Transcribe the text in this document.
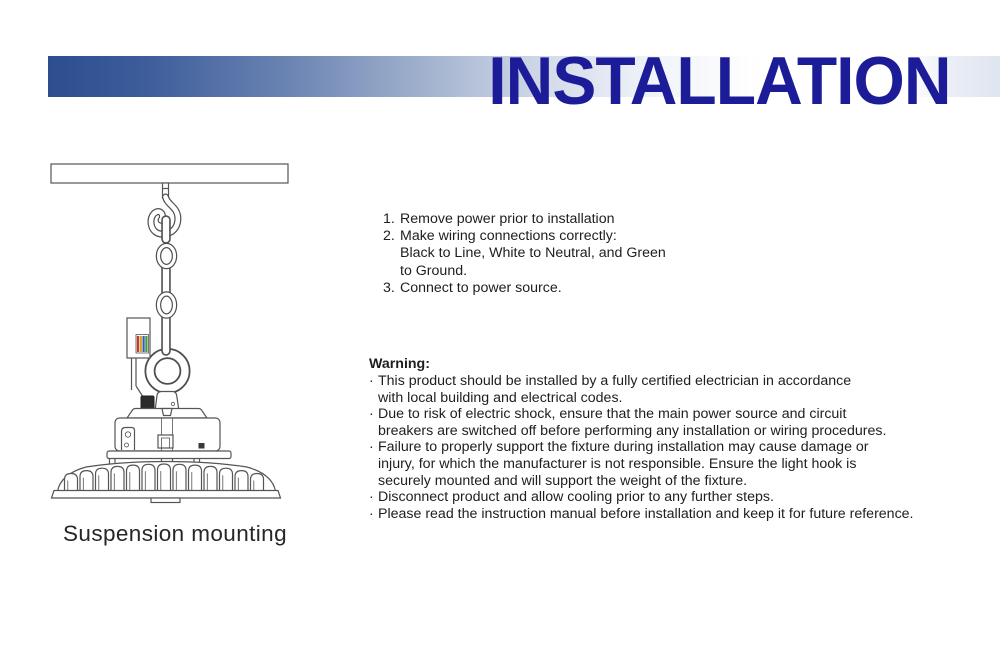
INSTALLATION
Suspension mounting
1. Remove power prior to installation
2. Make wiring connections correctly:
Black to Line, White to Neutral, and Green
to Ground.
3. Connect to power source.
Warning:
· This product should be installed by a fully certified electrician in accordance
with local building and electrical codes.
· Due to risk of electric shock, ensure that the main power source and circuit
breakers are switched off before performing any installation or wiring procedures.
· Failure to properly support the fixture during installation may cause damage or
injury, for which the manufacturer is not responsible. Ensure the light hook is
securely mounted and will support the weight of the fixture.
· Disconnect product and allow cooling prior to any further steps.
· Please read the instruction manual before installation and keep it for future reference.
